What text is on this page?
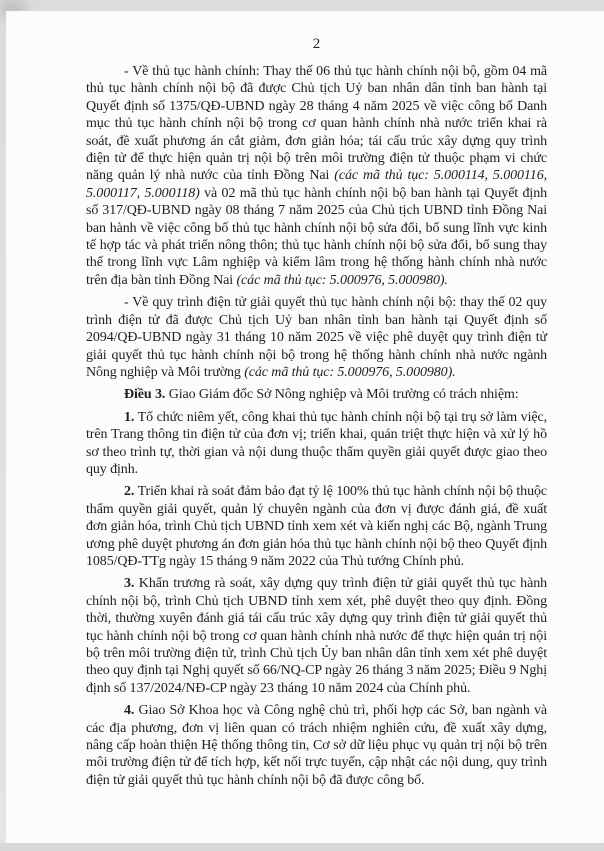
2

- Về thủ tục hành chính: Thay thế 06 thủ tục hành chính nội bộ, gồm 04 mã thủ tục hành chính nội bộ đã được Chủ tịch Uỷ ban nhân dân tỉnh ban hành tại Quyết định số 1375/QĐ-UBND ngày 28 tháng 4 năm 2025 về việc công bố Danh mục thủ tục hành chính nội bộ trong cơ quan hành chính nhà nước triển khai rà soát, đề xuất phương án cắt giảm, đơn giản hóa; tái cấu trúc xây dựng quy trình điện tử để thực hiện quản trị nội bộ trên môi trường điện tử thuộc phạm vi chức năng quản lý nhà nước của tỉnh Đồng Nai (các mã thủ tục: 5.000114, 5.000116, 5.000117, 5.000118) và 02 mã thủ tục hành chính nội bộ ban hành tại Quyết định số 317/QĐ-UBND ngày 08 tháng 7 năm 2025 của Chủ tịch UBND tỉnh Đồng Nai ban hành về việc công bố thủ tục hành chính nội bộ sửa đổi, bổ sung lĩnh vực kinh tế hợp tác và phát triển nông thôn; thủ tục hành chính nội bộ sửa đổi, bổ sung thay thế trong lĩnh vực Lâm nghiệp và kiểm lâm trong hệ thống hành chính nhà nước trên địa bàn tỉnh Đồng Nai (các mã thủ tục: 5.000976, 5.000980).

- Về quy trình điện tử giải quyết thủ tục hành chính nội bộ: thay thế 02 quy trình điện tử đã được Chủ tịch Uỷ ban nhân tỉnh ban hành tại Quyết định số 2094/QĐ-UBND ngày 31 tháng 10 năm 2025 về việc phê duyệt quy trình điện tử giải quyết thủ tục hành chính nội bộ trong hệ thống hành chính nhà nước ngành Nông nghiệp và Môi trường (các mã thủ tục: 5.000976, 5.000980).

Điều 3. Giao Giám đốc Sở Nông nghiệp và Môi trường có trách nhiệm:

1. Tổ chức niêm yết, công khai thủ tục hành chính nội bộ tại trụ sở làm việc, trên Trang thông tin điện tử của đơn vị; triển khai, quán triệt thực hiện và xử lý hồ sơ theo trình tự, thời gian và nội dung thuộc thẩm quyền giải quyết được giao theo quy định.

2. Triển khai rà soát đảm bảo đạt tỷ lệ 100% thủ tục hành chính nội bộ thuộc thẩm quyền giải quyết, quản lý chuyên ngành của đơn vị được đánh giá, đề xuất đơn giản hóa, trình Chủ tịch UBND tỉnh xem xét và kiến nghị các Bộ, ngành Trung ương phê duyệt phương án đơn giản hóa thủ tục hành chính nội bộ theo Quyết định 1085/QĐ-TTg ngày 15 tháng 9 năm 2022 của Thủ tướng Chính phủ.

3. Khẩn trương rà soát, xây dựng quy trình điện tử giải quyết thủ tục hành chính nội bộ, trình Chủ tịch UBND tỉnh xem xét, phê duyệt theo quy định. Đồng thời, thường xuyên đánh giá tái cấu trúc xây dựng quy trình điện tử giải quyết thủ tục hành chính nội bộ trong cơ quan hành chính nhà nước để thực hiện quản trị nội bộ trên môi trường điện tử, trình Chủ tịch Ủy ban nhân dân tỉnh xem xét phê duyệt theo quy định tại Nghị quyết số 66/NQ-CP ngày 26 tháng 3 năm 2025; Điều 9 Nghị định số 137/2024/NĐ-CP ngày 23 tháng 10 năm 2024 của Chính phủ.

4. Giao Sở Khoa học và Công nghệ chủ trì, phối hợp các Sở, ban ngành và các địa phương, đơn vị liên quan có trách nhiệm nghiên cứu, đề xuất xây dựng, nâng cấp hoàn thiện Hệ thống thông tin, Cơ sở dữ liệu phục vụ quản trị nội bộ trên môi trường điện tử để tích hợp, kết nối trực tuyến, cập nhật các nội dung, quy trình điện tử giải quyết thủ tục hành chính nội bộ đã được công bố.
